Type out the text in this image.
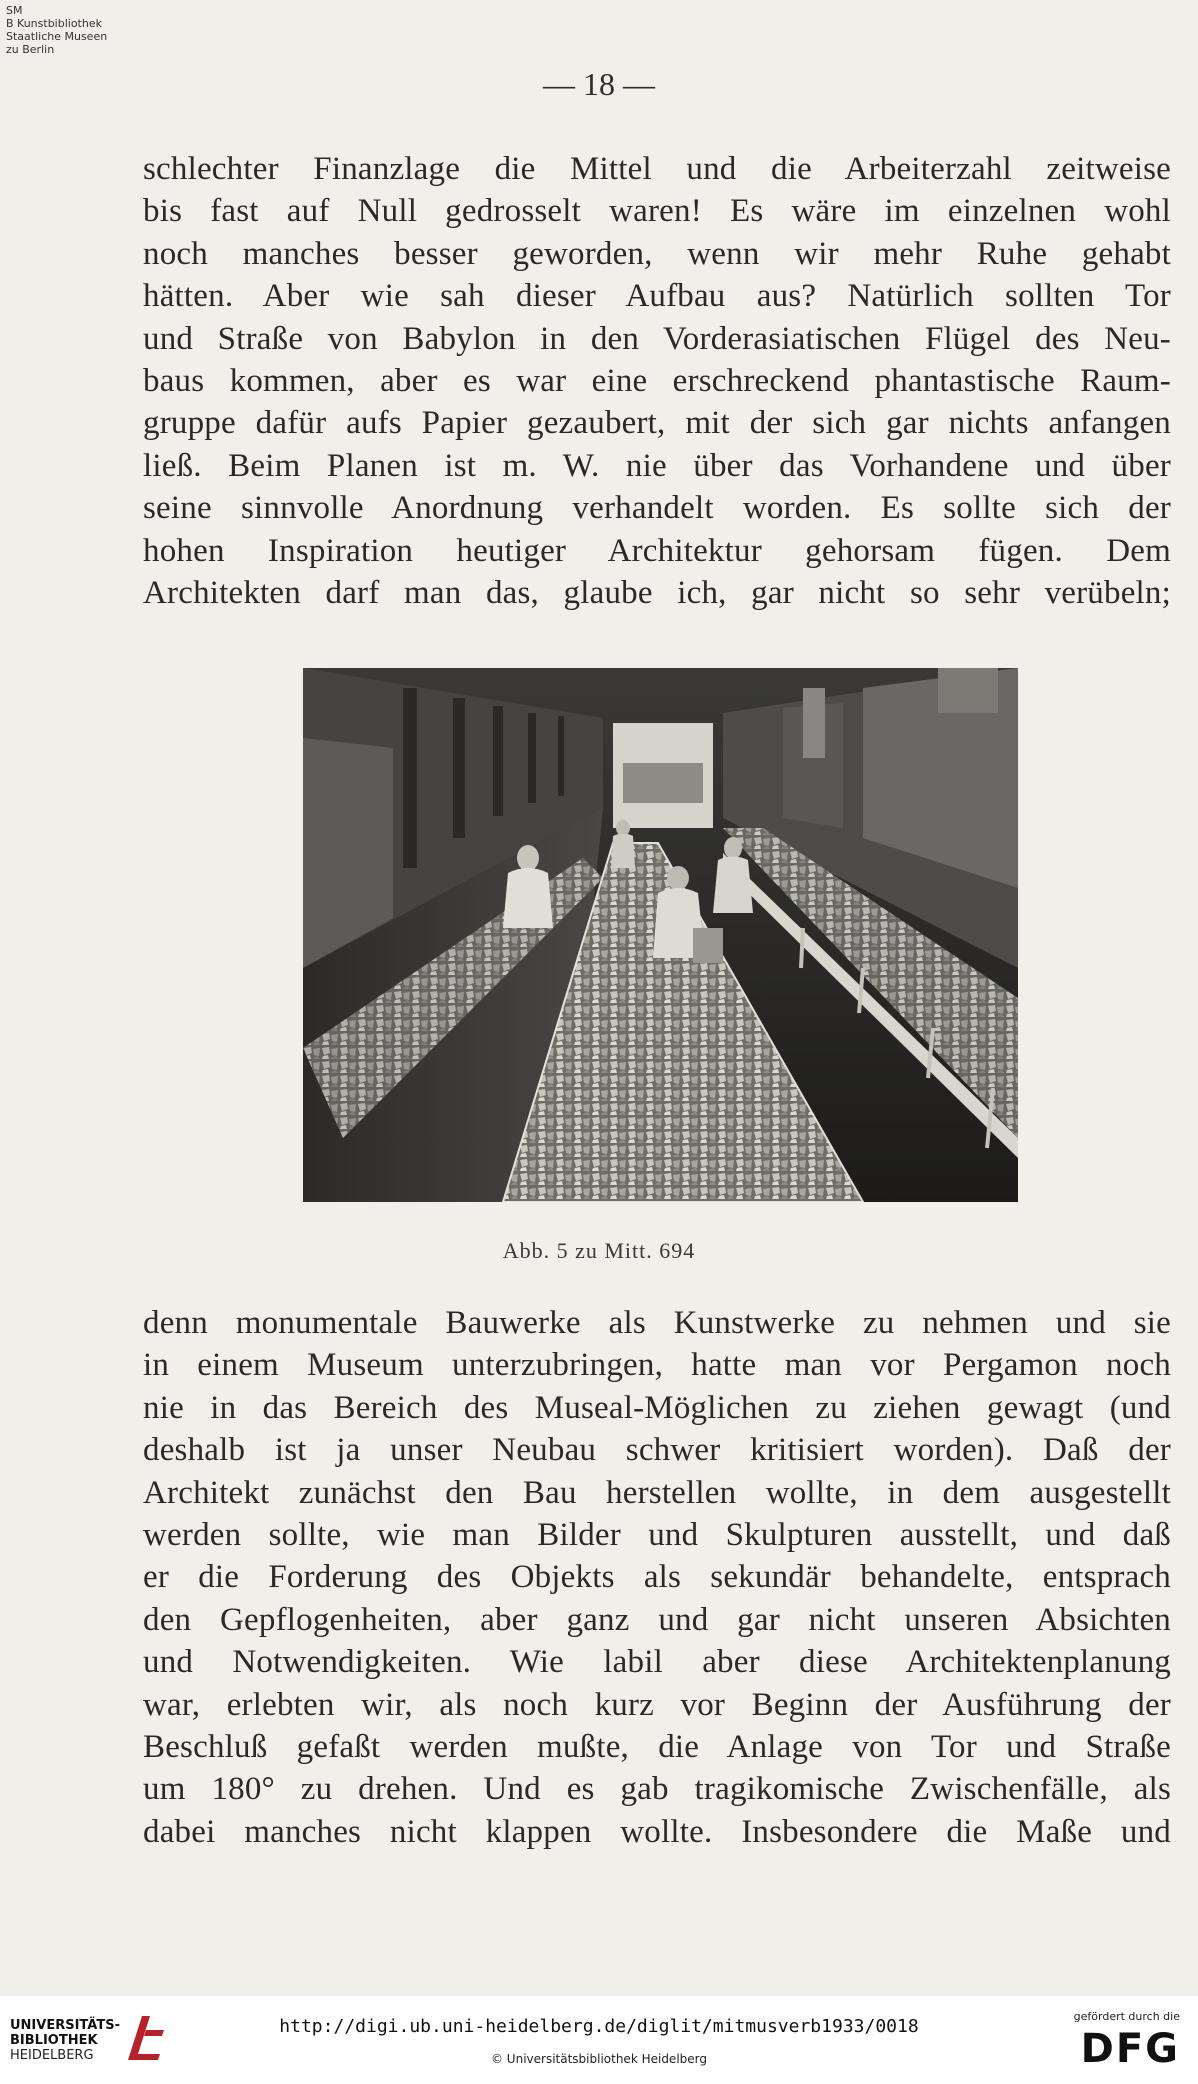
SM
B Kunstbibliothek
Staatliche Museen
zu Berlin
— 18 —
schlechter Finanzlage die Mittel und die Arbeiterzahl zeitweise
bis fast auf Null gedrosselt waren! Es wäre im einzelnen wohl
noch manches besser geworden, wenn wir mehr Ruhe gehabt
hätten. Aber wie sah dieser Aufbau aus? Natürlich sollten Tor
und Straße von Babylon in den Vorderasiatischen Flügel des Neu-
baus kommen, aber es war eine erschreckend phantastische Raum-
gruppe dafür aufs Papier gezaubert, mit der sich gar nichts anfangen
ließ. Beim Planen ist m. W. nie über das Vorhandene und über
seine sinnvolle Anordnung verhandelt worden. Es sollte sich der
hohen Inspiration heutiger Architektur gehorsam fügen. Dem
Architekten darf man das, glaube ich, gar nicht so sehr verübeln;
Abb. 5 zu Mitt. 694
denn monumentale Bauwerke als Kunstwerke zu nehmen und sie
in einem Museum unterzubringen, hatte man vor Pergamon noch
nie in das Bereich des Museal-Möglichen zu ziehen gewagt (und
deshalb ist ja unser Neubau schwer kritisiert worden). Daß der
Architekt zunächst den Bau herstellen wollte, in dem ausgestellt
werden sollte, wie man Bilder und Skulpturen ausstellt, und daß
er die Forderung des Objekts als sekundär behandelte, entsprach
den Gepflogenheiten, aber ganz und gar nicht unseren Absichten
und Notwendigkeiten. Wie labil aber diese Architektenplanung
war, erlebten wir, als noch kurz vor Beginn der Ausführung der
Beschluß gefaßt werden mußte, die Anlage von Tor und Straße
um 180° zu drehen. Und es gab tragikomische Zwischenfälle, als
dabei manches nicht klappen wollte. Insbesondere die Maße und
UNIVERSITÄTS-
BIBLIOTHEK
HEIDELBERG
http://digi.ub.uni-heidelberg.de/diglit/mitmusverb1933/0018
© Universitätsbibliothek Heidelberg
gefördert durch die
DFG
